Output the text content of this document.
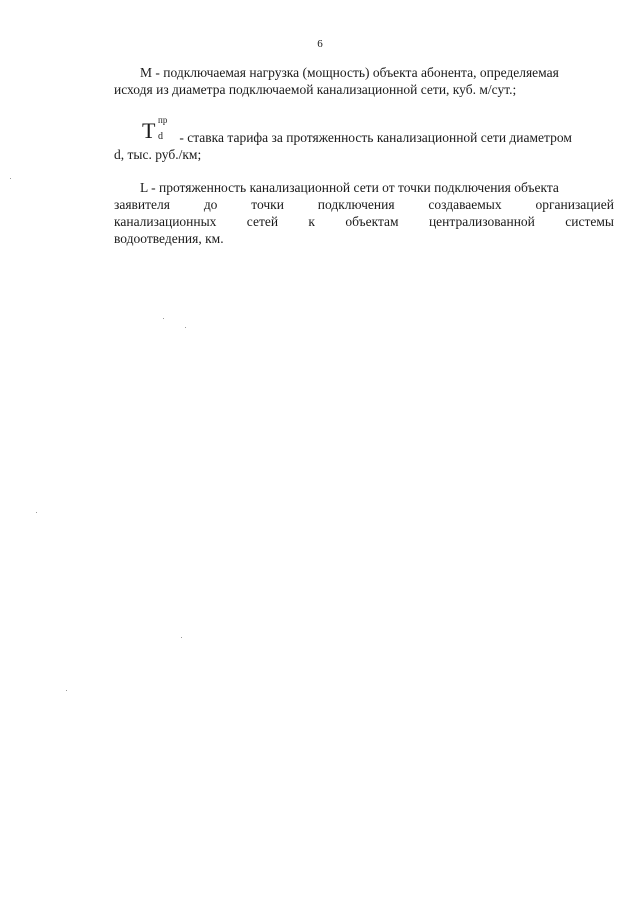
6
М - подключаемая нагрузка (мощность) объекта абонента, определяемая
исходя из диаметра подключаемой канализационной сети, куб. м/сут.;
Т пр
d - ставка тарифа за протяженность канализационной сети диаметром
d, тыс. руб./км;
L - протяженность канализационной сети от точки подключения объекта
заявителя	до	точки	подключения	создаваемых	организацией
канализационных сетей к объектам централизованной системы
водоотведения, км.
